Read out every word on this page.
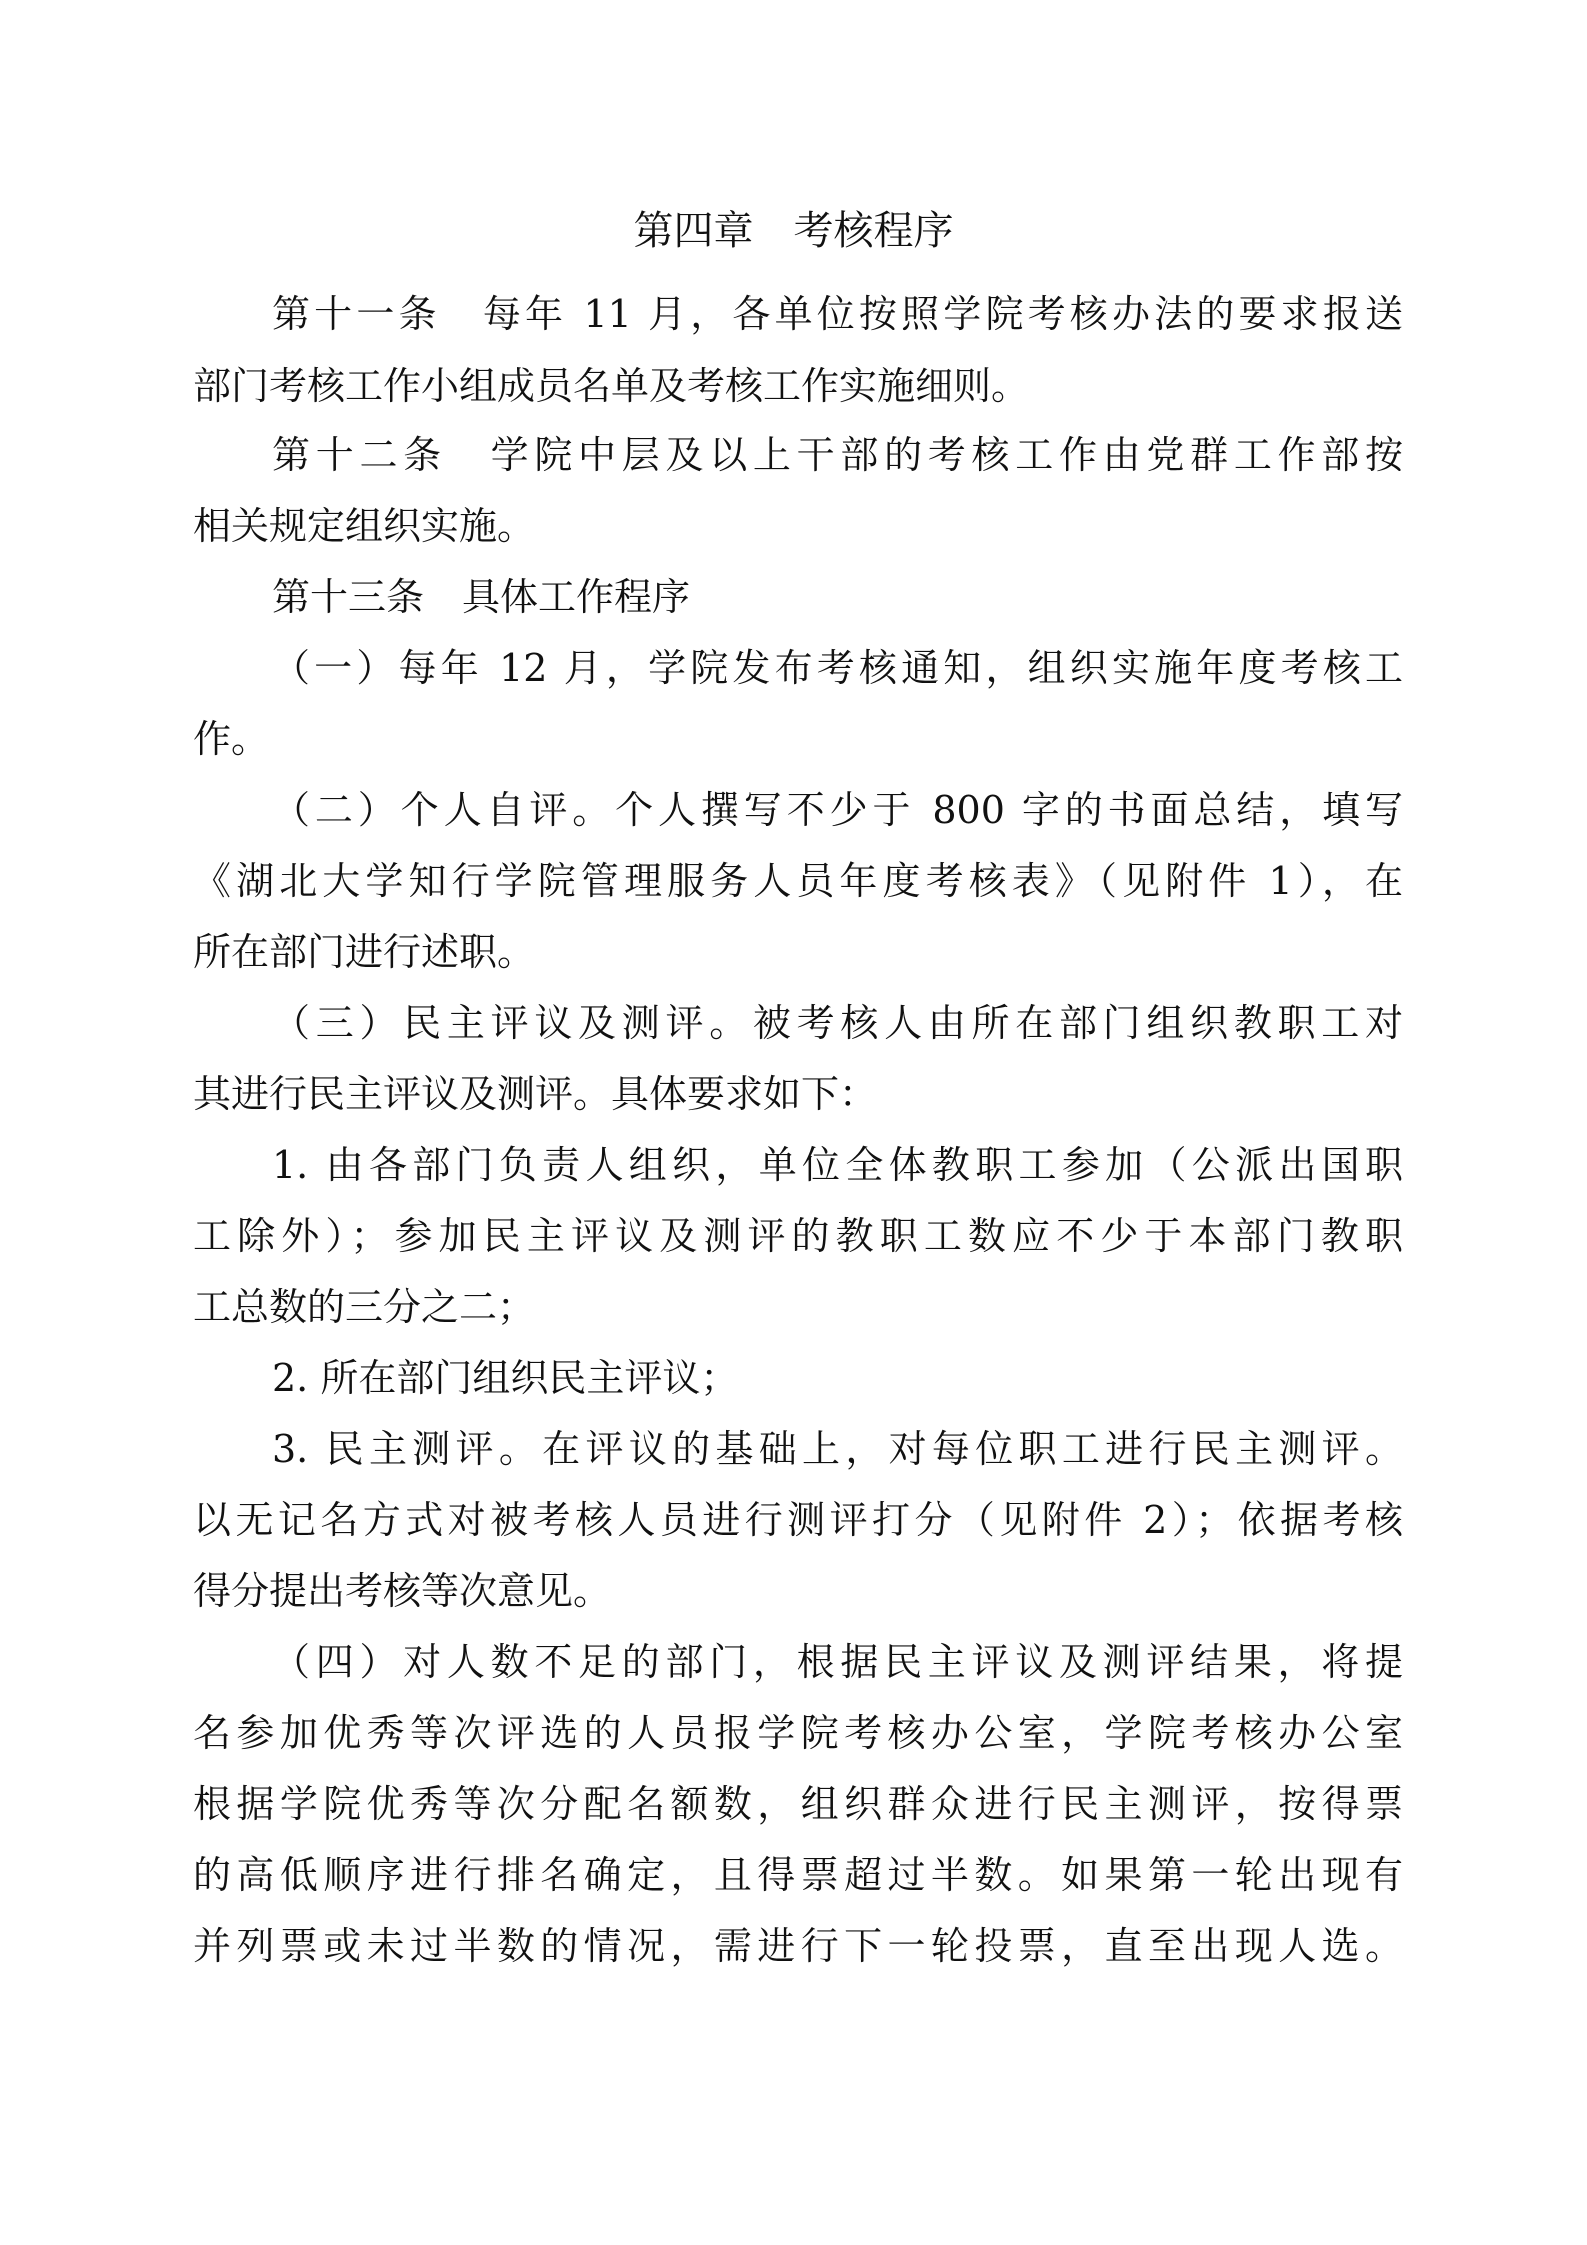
第四章　考核程序
第十一条　每年 11 月，各单位按照学院考核办法的要求报送
部门考核工作小组成员名单及考核工作实施细则。
第十二条　学院中层及以上干部的考核工作由党群工作部按
相关规定组织实施。
第十三条　具体工作程序
（一）每年 12 月，学院发布考核通知，组织实施年度考核工
作。
（二）个人自评。个人撰写不少于 800 字的书面总结，填写
《湖北大学知行学院管理服务人员年度考核表》（见附件 1），在
所在部门进行述职。
（三）民主评议及测评。被考核人由所在部门组织教职工对
其进行民主评议及测评。具体要求如下：
1. 由各部门负责人组织，单位全体教职工参加（公派出国职
工除外）；参加民主评议及测评的教职工数应不少于本部门教职
工总数的三分之二；
2. 所在部门组织民主评议；
3. 民主测评。在评议的基础上，对每位职工进行民主测评。
以无记名方式对被考核人员进行测评打分（见附件 2）；依据考核
得分提出考核等次意见。
（四）对人数不足的部门，根据民主评议及测评结果，将提
名参加优秀等次评选的人员报学院考核办公室，学院考核办公室
根据学院优秀等次分配名额数，组织群众进行民主测评，按得票
的高低顺序进行排名确定，且得票超过半数。如果第一轮出现有
并列票或未过半数的情况，需进行下一轮投票，直至出现人选。
